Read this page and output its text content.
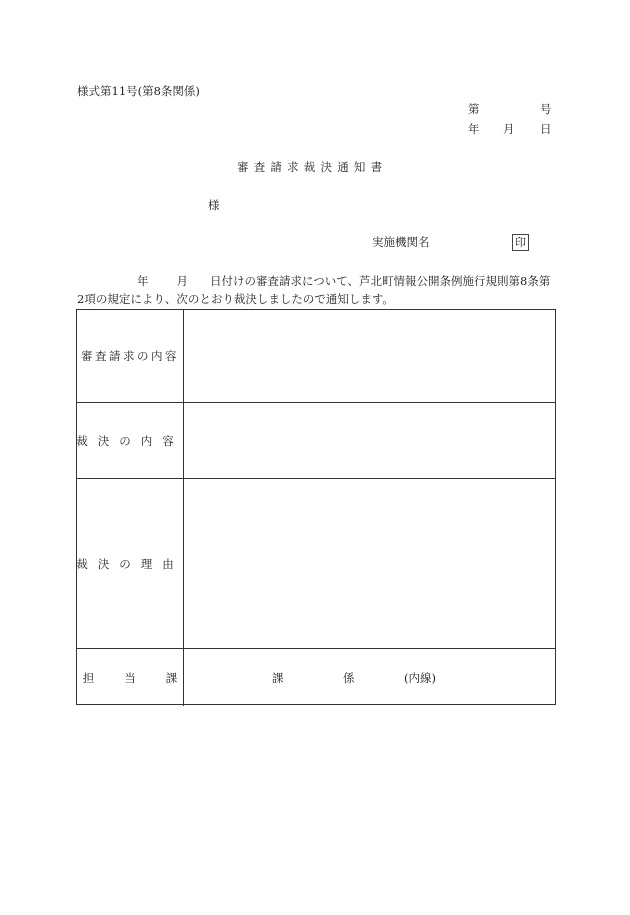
様式第11号(第8条関係)
第	号
年 月 日
審査請求裁決通知書
様
実施機関名	印
年 月 日付けの審査請求について、芦北町情報公開条例施行規則第8条第
2項の規定により、次のとおり裁決しましたので通知します。
審査請求の内容
裁決の内容
裁決の理由
担当課	課	係	(内線)
